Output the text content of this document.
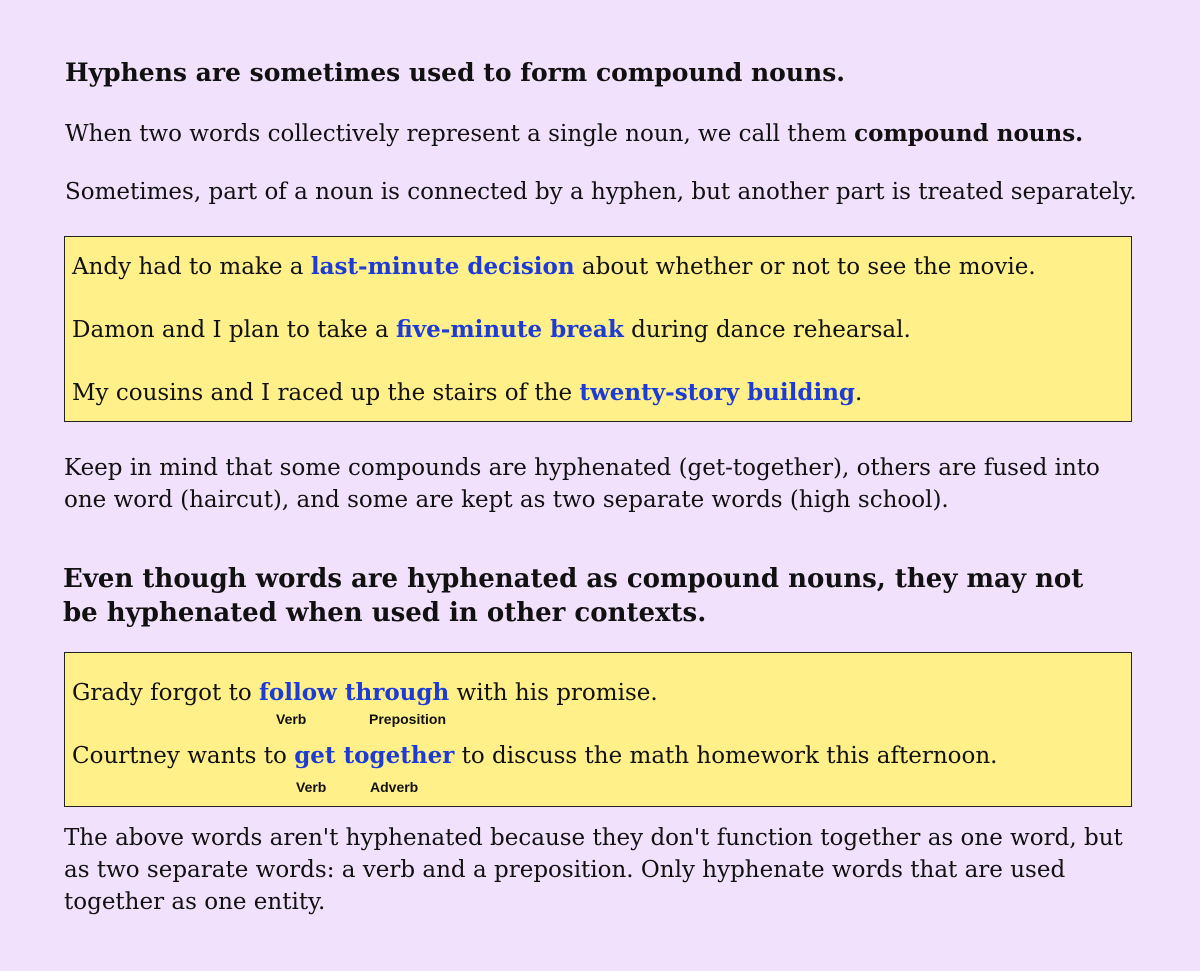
Hyphens are sometimes used to form compound nouns.

When two words collectively represent a single noun, we call them compound nouns.

Sometimes, part of a noun is connected by a hyphen, but another part is treated separately.

Andy had to make a last-minute decision about whether or not to see the movie.
Damon and I plan to take a five-minute break during dance rehearsal.
My cousins and I raced up the stairs of the twenty-story building.

Keep in mind that some compounds are hyphenated (get-together), others are fused into one word (haircut), and some are kept as two separate words (high school).

Even though words are hyphenated as compound nouns, they may not be hyphenated when used in other contexts.
Grady forgot to follow through with his promise.
Verb	Preposition
Courtney wants to get together to discuss the math homework this afternoon.
Verb	Adverb

The above words aren't hyphenated because they don't function together as one word, but as two separate words: a verb and a preposition. Only hyphenate words that are used together as one entity.
